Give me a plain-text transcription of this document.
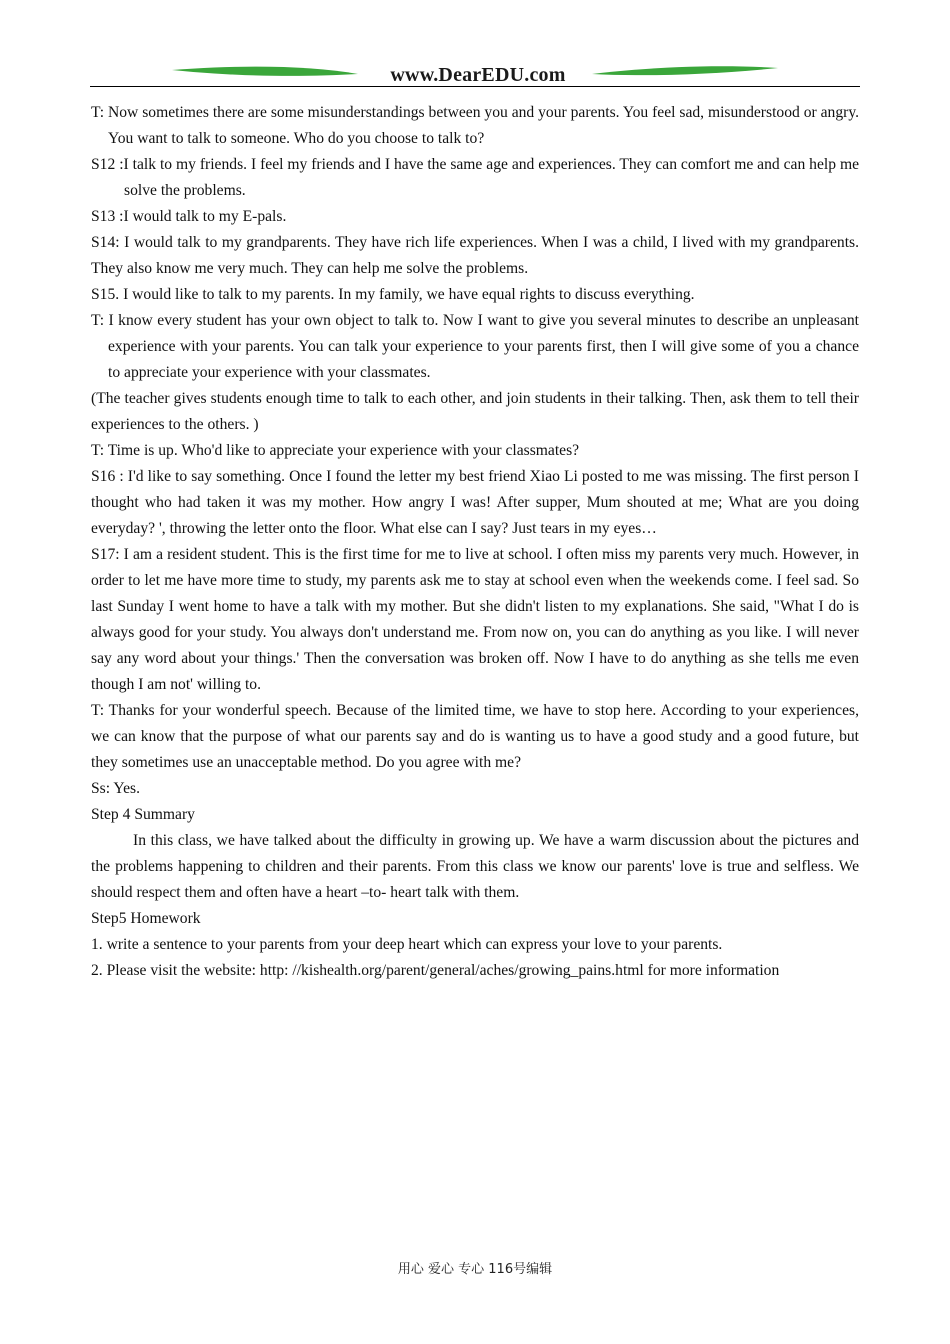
www.DearEDU.com

T: Now sometimes there are some misunderstandings between you and your parents. You feel sad, misunderstood or angry. You want to talk to someone. Who do you choose to talk to?

S12 :I talk to my friends. I feel my friends and I have the same age and experiences. They can comfort me and can help me solve the problems.

S13 :I would talk to my E-pals.

S14: I would talk to my grandparents. They have rich life experiences. When I was a child, I lived with my grandparents. They also know me very much. They can help me solve the problems.

S15. I would like to talk to my parents. In my family, we have equal rights to discuss everything.

T: I know every student has your own object to talk to. Now I want to give you several minutes to describe an unpleasant experience with your parents. You can talk your experience to your parents first, then I will give some of you a chance to appreciate your experience with your classmates.

(The teacher gives students enough time to talk to each other, and join students in their talking. Then, ask them to tell their experiences to the others. )

T: Time is up. Who'd like to appreciate your experience with your classmates?

S16 : I'd like to say something. Once I found the letter my best friend Xiao Li posted to me was missing. The first person I thought who had taken it was my mother. How angry I was! After supper, Mum shouted at me; What are you doing everyday? ', throwing the letter onto the floor. What else can I say? Just tears in my eyes…

S17: I am a resident student. This is the first time for me to live at school. I often miss my parents very much. However, in order to let me have more time to study, my parents ask me to stay at school even when the weekends come. I feel sad. So last Sunday I went home to have a talk with my mother. But she didn't listen to my explanations. She said, "What I do is always good for your study. You always don't understand me. From now on, you can do anything as you like. I will never say any word about your things.' Then the conversation was broken off. Now I have to do anything as she tells me even though I am not' willing to.

T: Thanks for your wonderful speech. Because of the limited time, we have to stop here. According to your experiences, we can know that the purpose of what our parents say and do is wanting us to have a good study and a good future, but they sometimes use an unacceptable method. Do you agree with me?

Ss: Yes.

Step 4 Summary

In this class, we have talked about the difficulty in growing up. We have a warm discussion about the pictures and the problems happening to children and their parents. From this class we know our parents' love is true and selfless. We should respect them and often have a heart –to- heart talk with them.

Step5 Homework

1. write a sentence to your parents from your deep heart which can express your love to your parents.

2. Please visit the website: http: //kishealth.org/parent/general/aches/growing_pains.html for more information

用心 爱心 专心 116号编辑
